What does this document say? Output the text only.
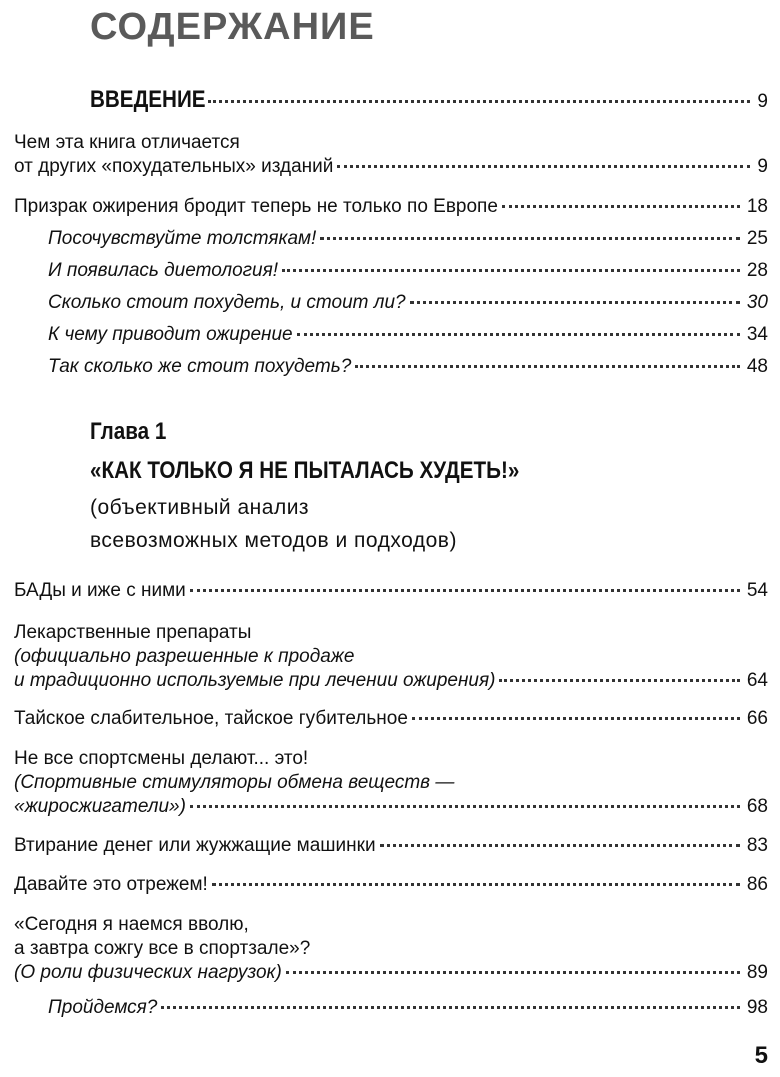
СОДЕРЖАНИЕ
ВВЕДЕНИЕ	9
Чем эта книга отличается
от других «похудательных» изданий	9
Призрак ожирения бродит теперь не только по Европе	18
Посочувствуйте толстякам!	25
И появилась диетология!	28
Сколько стоит похудеть, и стоит ли?	30
К чему приводит ожирение	34
Так сколько же стоит похудеть?	48
Глава 1
«КАК ТОЛЬКО Я НЕ ПЫТАЛАСЬ ХУДЕТЬ!»
(объективный анализ
всевозможных методов и подходов)
БАДы и иже с ними	54
Лекарственные препараты
(официально разрешенные к продаже
и традиционно используемые при лечении ожирения)	64
Тайское слабительное, тайское губительное	66
Не все спортсмены делают... это!
(Спортивные стимуляторы обмена веществ —
«жиросжигатели»)	68
Втирание денег или жужжащие машинки	83
Давайте это отрежем!	86
«Сегодня я наемся вволю,
а завтра сожгу все в спортзале»?
(О роли физических нагрузок)	89
Пройдемся?	98
5
